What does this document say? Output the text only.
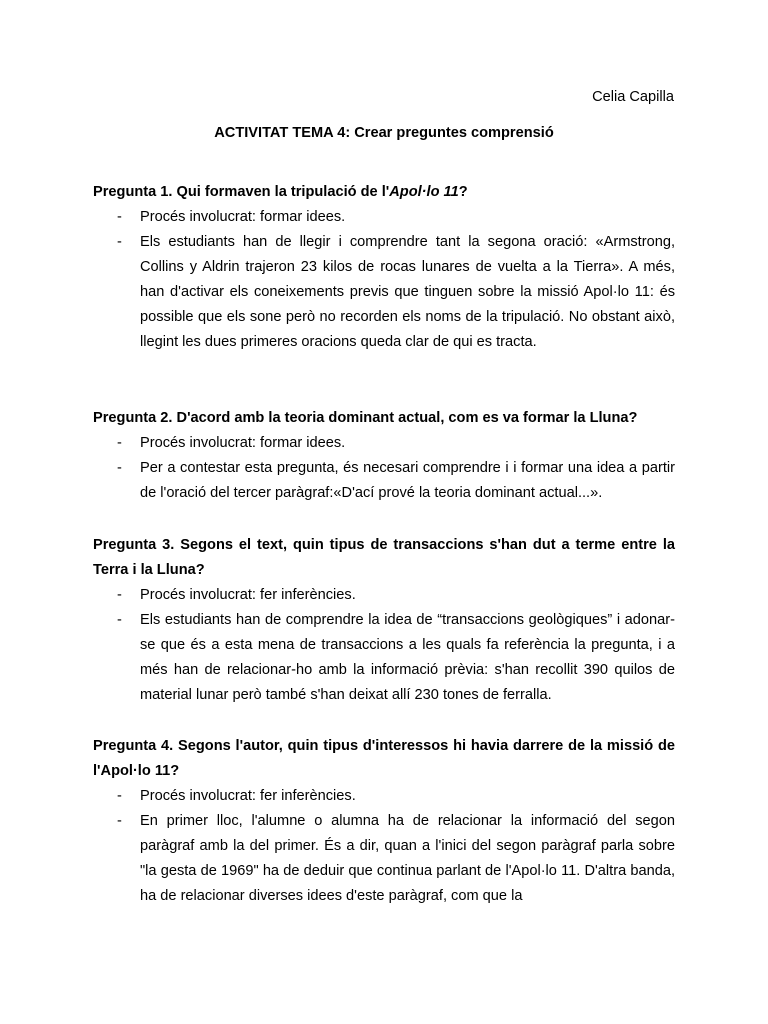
Celia Capilla
ACTIVITAT TEMA 4: Crear preguntes comprensió
Pregunta 1. Qui formaven la tripulació de l'Apol·lo 11?
-
Procés involucrat: formar idees.
-
Els estudiants han de llegir i comprendre tant la segona oració: «Armstrong, Collins y Aldrin trajeron 23 kilos de rocas lunares de vuelta a la Tierra». A més, han d'activar els coneixements previs que tinguen sobre la missió Apol·lo 11: és possible que els sone però no recorden els noms de la tripulació. No obstant això, llegint les dues primeres oracions queda clar de qui es tracta.
Pregunta 2. D'acord amb la teoria dominant actual, com es va formar la Lluna?
-
Procés involucrat: formar idees.
-
Per a contestar esta pregunta, és necesari comprendre i i formar una idea a partir de l'oració del tercer paràgraf:«D'ací prové la teoria dominant actual...».
Pregunta 3. Segons el text, quin tipus de transaccions s'han dut a terme entre la Terra i la Lluna?
-
Procés involucrat: fer inferències.
-
Els estudiants han de comprendre la idea de “transaccions geològiques” i adonar-se que és a esta mena de transaccions a les quals fa referència la pregunta, i a més han de relacionar-ho amb la informació prèvia: s'han recollit 390 quilos de material lunar però també s'han deixat allí 230 tones de ferralla.
Pregunta 4. Segons l'autor, quin tipus d'interessos hi havia darrere de la missió de l'Apol·lo 11?
-
Procés involucrat: fer inferències.
-
En primer lloc, l'alumne o alumna ha de relacionar la informació del segon paràgraf amb la del primer. És a dir, quan a l'inici del segon paràgraf parla sobre "la gesta de 1969" ha de deduir que continua parlant de l'Apol·lo 11. D'altra banda, ha de relacionar diverses idees d'este paràgraf, com que la
